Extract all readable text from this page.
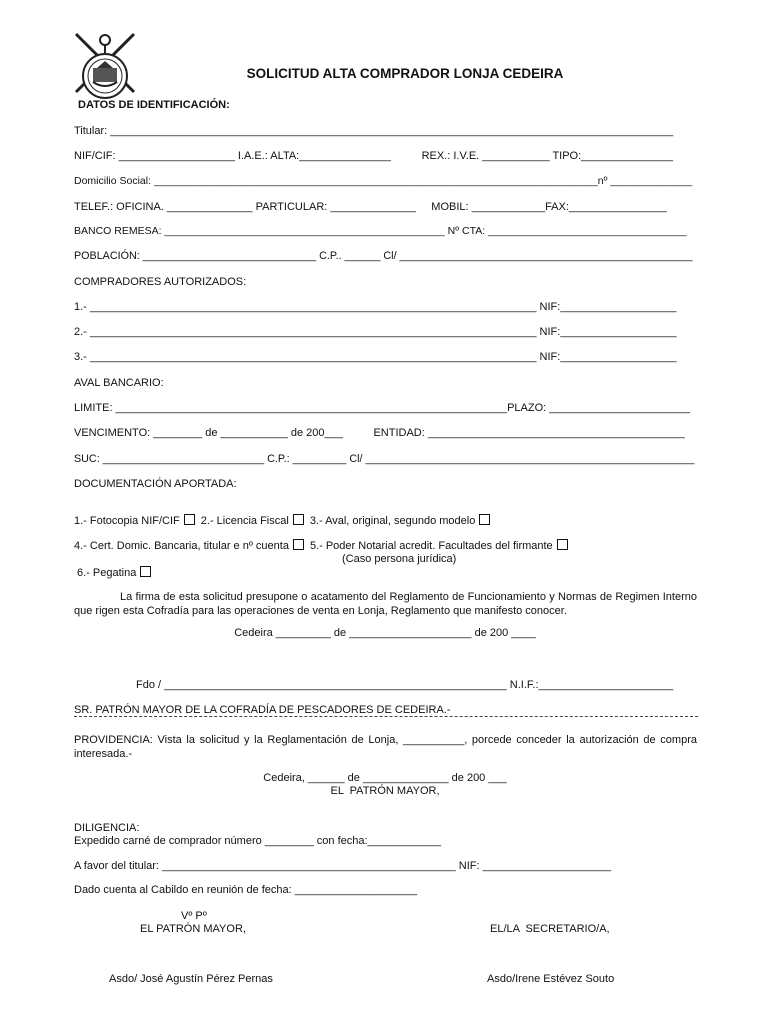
SOLICITUD ALTA COMPRADOR LONJA CEDEIRA
DATOS DE IDENTIFICACIÓN:
Titular: ____________________________________________________________________________________________
NIF/CIF: ___________________ I.A.E.: ALTA:_______________          REX.: I.V.E. ___________ TIPO:_______________
Domicilio Social: ____________________________________________________________________________nº ______________
TELEF.: OFICINA. ______________ PARTICULAR: ______________     MOBIL: ____________FAX:________________
BANCO REMESA: ________________________________________________ Nº CTA: __________________________________
POBLACIÓN: _____________________________ C.P.. ______ Cl/ _________________________________________________
COMPRADORES AUTORIZADOS:
1.- _________________________________________________________________________ NIF:___________________
2.- _________________________________________________________________________ NIF:___________________
3.- _________________________________________________________________________ NIF:___________________
AVAL BANCARIO:
LIMITE: ________________________________________________________________PLAZO: _______________________
VENCIMENTO: ________ de ___________ de 200___          ENTIDAD: __________________________________________
SUC: ___________________________ C.P.: _________ Cl/ _______________________________________________________
DOCUMENTACIÓN APORTADA:
1.- Fotocopia NIF/CIF 2.- Licencia Fiscal 3.- Aval, original, segundo modelo
4.- Cert. Domic. Bancaria, titular e nº cuenta 5.- Poder Notarial acredit. Facultades del firmante
(Caso persona jurídica)
6.- Pegatina
La firma de esta solicitud presupone o acatamento del Reglamento de Funcionamiento y Normas de Regimen Interno que rigen esta Cofradía para las operaciones de venta en Lonja, Reglamento que manifesto conocer.
Cedeira _________ de ____________________ de 200 ____
Fdo / ________________________________________________________ N.I.F.:______________________
SR. PATRÓN MAYOR DE LA COFRADÍA DE PESCADORES DE CEDEIRA.-
PROVIDENCIA: Vista la solicitud y la Reglamentación de Lonja, __________, porcede conceder la autorización de compra interesada.-
Cedeira, ______ de ______________ de 200 ___
EL  PATRÓN MAYOR,
DILIGENCIA:
Expedido carné de comprador número ________ con fecha:____________
A favor del titular: ________________________________________________ NIF: _____________________
Dado cuenta al Cabildo en reunión de fecha: ____________________
Vº Pº
EL PATRÓN MAYOR,	EL/LA  SECRETARIO/A,
Asdo/ José Agustín Pérez Pernas	Asdo/Irene Estévez Souto
